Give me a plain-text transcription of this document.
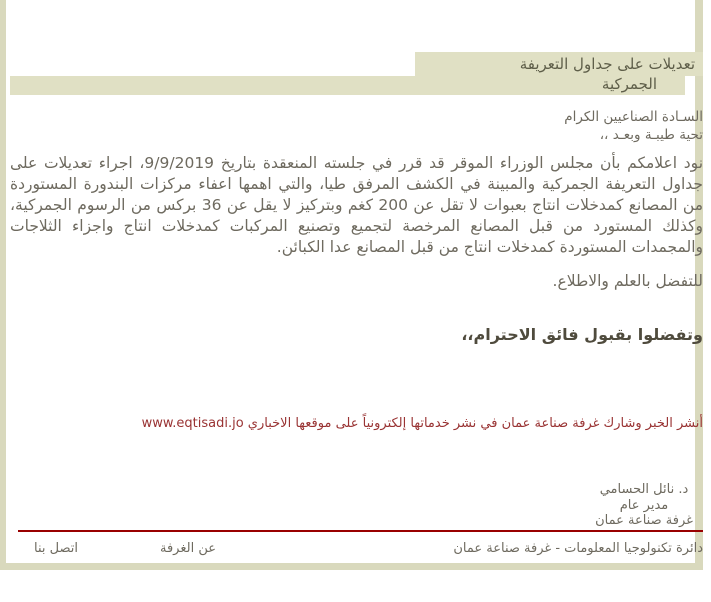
تعديلات على جداول التعريفة
الجمركية
السـادة الصناعيين الكرام
تحية طيبـة وبعـد ،،
نود اعلامكم بأن مجلس الوزراء الموقر قد قرر في جلسته المنعقدة بتاريخ 9/9/2019، اجراء تعديلات على جداول التعريفة الجمركية والمبينة في الكشف المرفق طيا، والتي اهمها اعفاء مركزات البندورة المستوردة من المصانع كمدخلات انتاج بعبوات لا تقل عن 200 كغم وبتركيز لا يقل عن 36 بركس من الرسوم الجمركية، وكذلك المستورد من قبل المصانع المرخصة لتجميع وتصنيع المركبات كمدخلات انتاج واجزاء الثلاجات والمجمدات المستوردة كمدخلات انتاج من قبل المصانع عدا الكبائن.
للتفضل بالعلم والاطلاع.
وتفضلوا بقبول فائق الاحترام،،
أنشر الخبر وشارك غرفة صناعة عمان في نشر خدماتها إلكترونياً على موقعها الاخباري www.eqtisadi.jo
د. نائل الحسامي
مدير عام
غرفة صناعة عمان
دائرة تكنولوجيا المعلومات - غرفة صناعة عمان
عن الغرفة
اتصل بنا
